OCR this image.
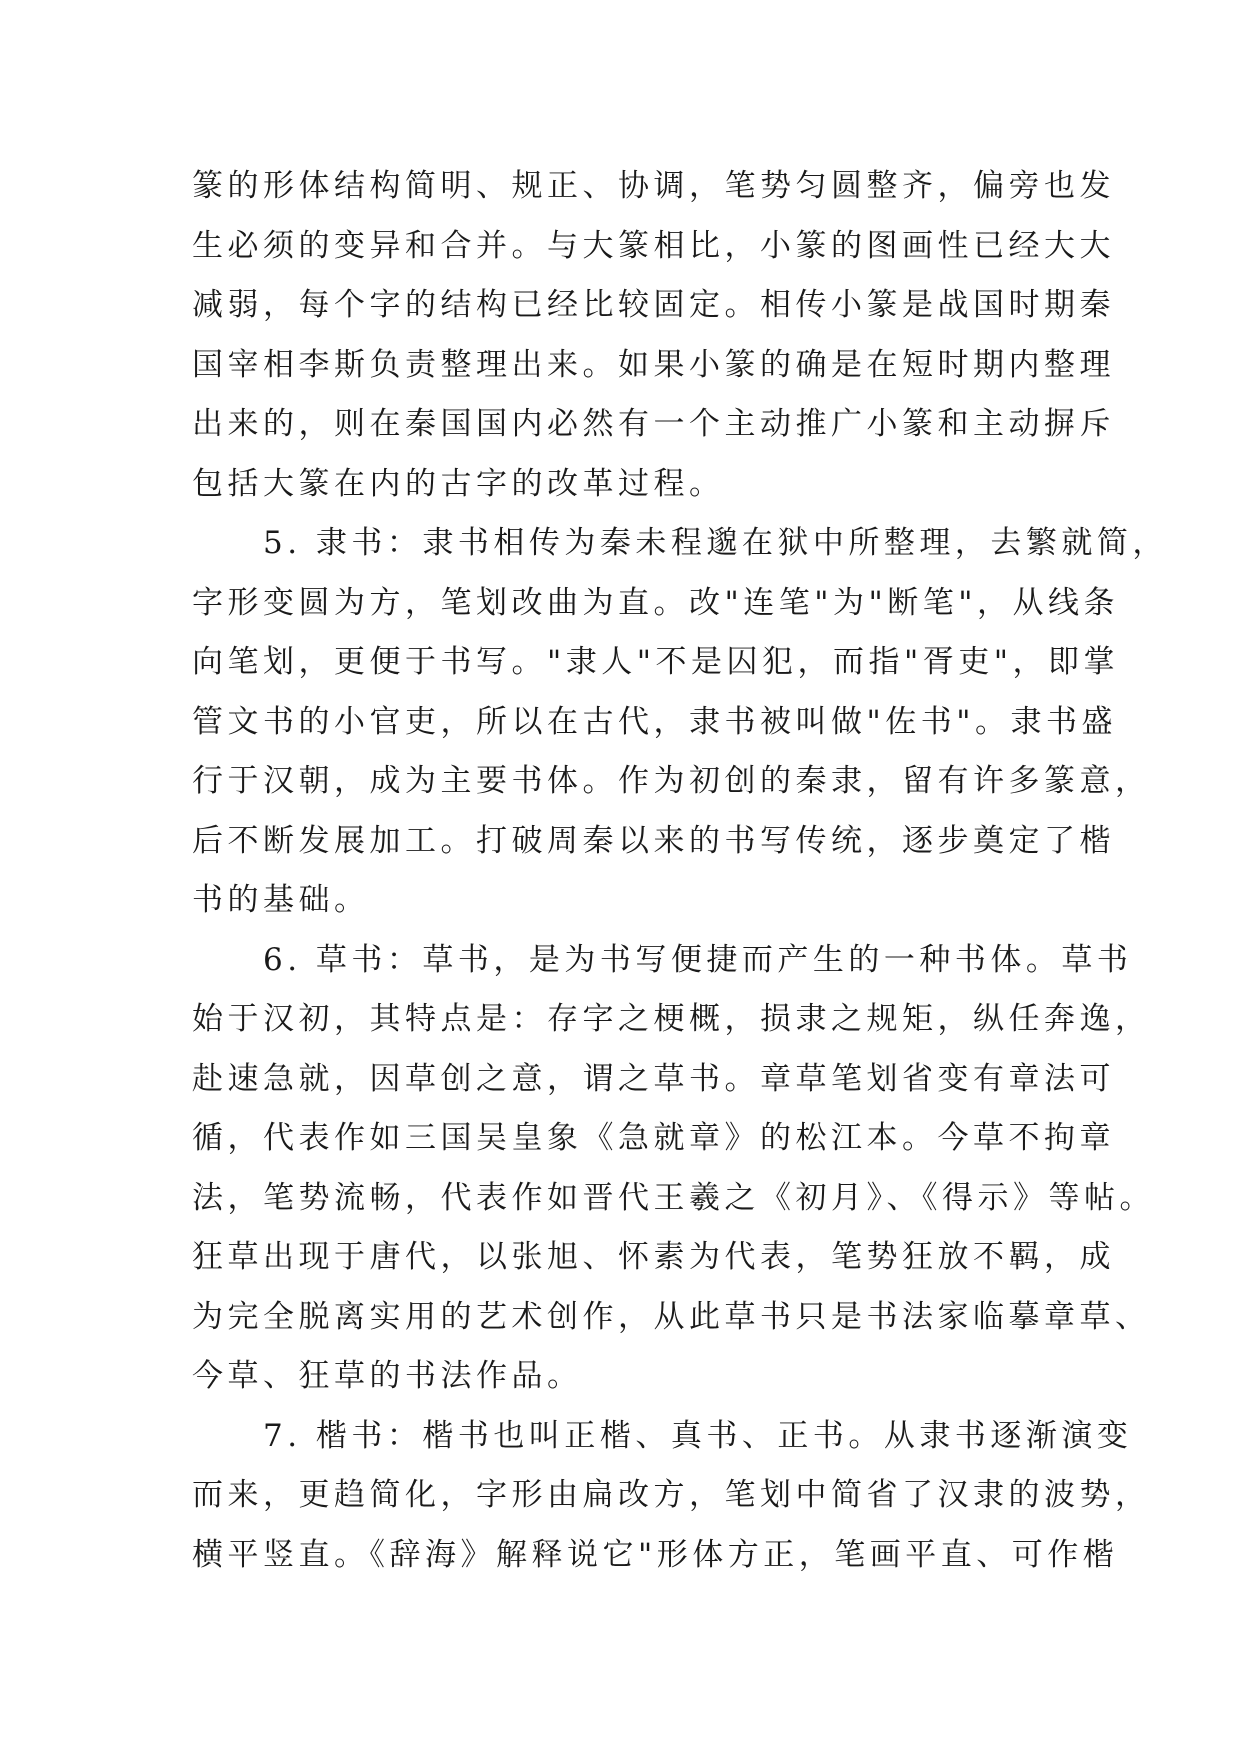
篆的形体结构简明、规正、协调，笔势匀圆整齐，偏旁也发
生必须的变异和合并。与大篆相比，小篆的图画性已经大大
减弱，每个字的结构已经比较固定。相传小篆是战国时期秦
国宰相李斯负责整理出来。如果小篆的确是在短时期内整理
出来的，则在秦国国内必然有一个主动推广小篆和主动摒斥
包括大篆在内的古字的改革过程。
　　5. 隶书：隶书相传为秦未程邈在狱中所整理，去繁就简，
字形变圆为方，笔划改曲为直。改"连笔"为"断笔"，从线条
向笔划，更便于书写。"隶人"不是囚犯，而指"胥吏"，即掌
管文书的小官吏，所以在古代，隶书被叫做"佐书"。隶书盛
行于汉朝，成为主要书体。作为初创的秦隶，留有许多篆意，
后不断发展加工。打破周秦以来的书写传统，逐步奠定了楷
书的基础。
　　6. 草书：草书，是为书写便捷而产生的一种书体。草书
始于汉初，其特点是：存字之梗概，损隶之规矩，纵任奔逸，
赴速急就，因草创之意，谓之草书。章草笔划省变有章法可
循，代表作如三国吴皇象《急就章》的松江本。今草不拘章
法，笔势流畅，代表作如晋代王羲之《初月》、《得示》等帖。
狂草出现于唐代，以张旭、怀素为代表，笔势狂放不羁，成
为完全脱离实用的艺术创作，从此草书只是书法家临摹章草、
今草、狂草的书法作品。
　　7. 楷书：楷书也叫正楷、真书、正书。从隶书逐渐演变
而来，更趋简化，字形由扁改方，笔划中简省了汉隶的波势，
横平竖直。《辞海》解释说它"形体方正，笔画平直、可作楷
